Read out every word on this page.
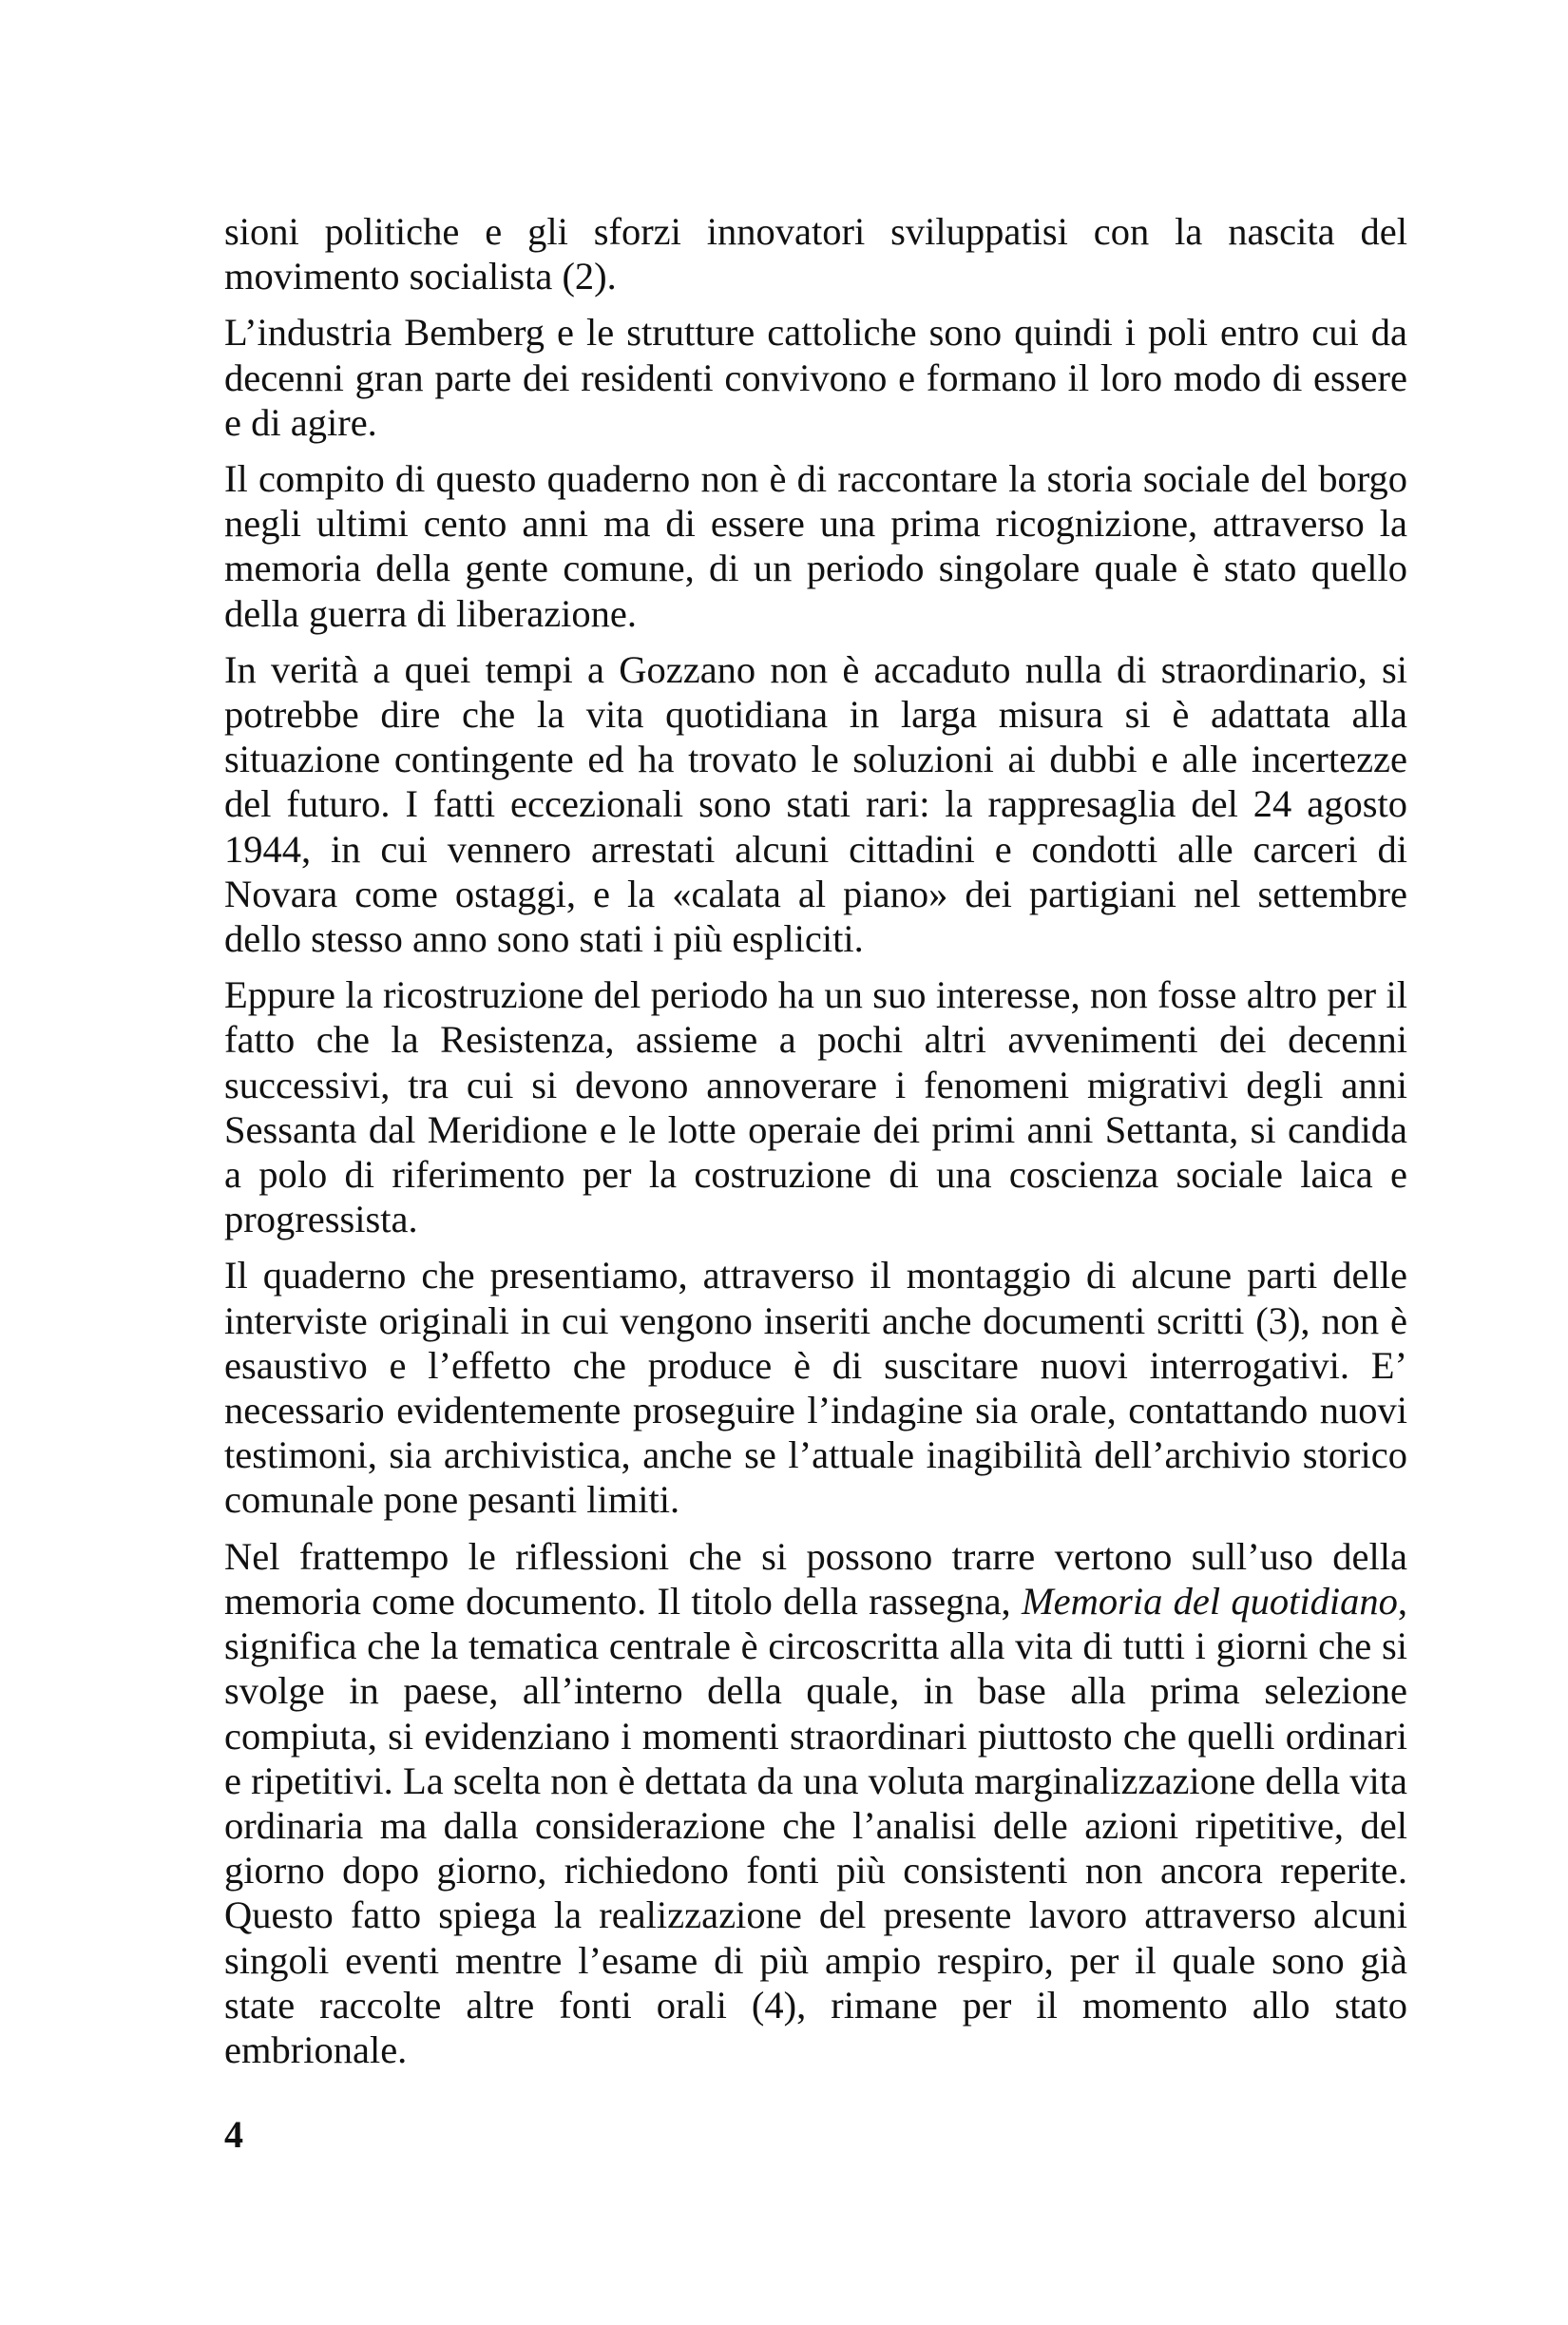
sioni politiche e gli sforzi innovatori sviluppatisi con la nascita del movimento socialista (2).

L’industria Bemberg e le strutture cattoliche sono quindi i poli entro cui da decenni gran parte dei residenti convivono e formano il loro modo di essere e di agire.

Il compito di questo quaderno non è di raccontare la storia sociale del borgo negli ultimi cento anni ma di essere una prima ricognizione, attraverso la memoria della gente comune, di un periodo singolare quale è stato quello della guerra di liberazione.

In verità a quei tempi a Gozzano non è accaduto nulla di straordinario, si potrebbe dire che la vita quotidiana in larga misura si è adattata alla situazione contingente ed ha trovato le soluzioni ai dubbi e alle incertezze del futuro. I fatti eccezionali sono stati rari: la rappresaglia del 24 agosto 1944, in cui vennero arrestati alcuni cittadini e condotti alle carceri di Novara come ostaggi, e la «calata al piano» dei partigiani nel settembre dello stesso anno sono stati i più espliciti.

Eppure la ricostruzione del periodo ha un suo interesse, non fosse altro per il fatto che la Resistenza, assieme a pochi altri avvenimenti dei decenni successivi, tra cui si devono annoverare i fenomeni migrativi degli anni Sessanta dal Meridione e le lotte operaie dei primi anni Settanta, si candida a polo di riferimento per la costruzione di una coscienza sociale laica e progressista.

Il quaderno che presentiamo, attraverso il montaggio di alcune parti delle interviste originali in cui vengono inseriti anche documenti scritti (3), non è esaustivo e l’effetto che produce è di suscitare nuovi interrogativi. E’ necessario evidentemente proseguire l’indagine sia orale, contattando nuovi testimoni, sia archivistica, anche se l’attuale inagibilità dell’archivio storico comunale pone pesanti limiti.

Nel frattempo le riflessioni che si possono trarre vertono sull’uso della memoria come documento. Il titolo della rassegna, Memoria del quotidiano, significa che la tematica centrale è circoscritta alla vita di tutti i giorni che si svolge in paese, all’interno della quale, in base alla prima selezione compiuta, si evidenziano i momenti straordinari piuttosto che quelli ordinari e ripetitivi. La scelta non è dettata da una voluta marginalizzazione della vita ordinaria ma dalla considerazione che l’analisi delle azioni ripetitive, del giorno dopo giorno, richiedono fonti più consistenti non ancora reperite. Questo fatto spiega la realizzazione del presente lavoro attraverso alcuni singoli eventi mentre l’esame di più ampio respiro, per il quale sono già state raccolte altre fonti orali (4), rimane per il momento allo stato embrionale.

4
